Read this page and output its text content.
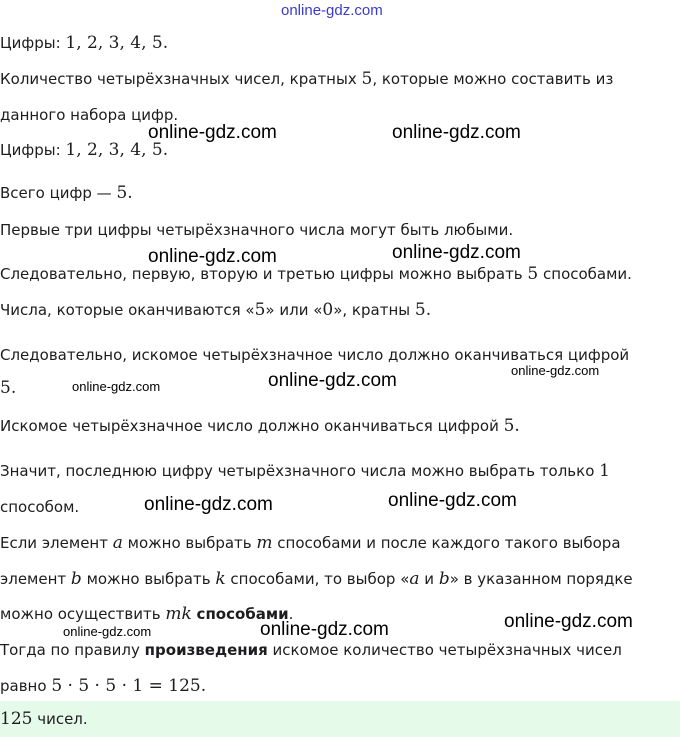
online-gdz.com
Цифры: 1, 2, 3, 4, 5.
Количество четырёхзначных чисел, кратных 5, которые можно составить из
данного набора цифр.
Цифры: 1, 2, 3, 4, 5.
Всего цифр — 5.
Первые три цифры четырёхзначного числа могут быть любыми.
Следовательно, первую, вторую и третью цифры можно выбрать 5 способами.
Числа, которые оканчиваются «5» или «0», кратны 5.
Следовательно, искомое четырёхзначное число должно оканчиваться цифрой
5.
Искомое четырёхзначное число должно оканчиваться цифрой 5.
Значит, последнюю цифру четырёхзначного числа можно выбрать только 1
способом.
Если элемент a можно выбрать m способами и после каждого такого выбора
элемент b можно выбрать k способами, то выбор «a и b» в указанном порядке
можно осуществить mk способами.
Тогда по правилу произведения искомое количество четырёхзначных чисел
равно 5 · 5 · 5 · 1 = 125.
125 чисел.
online-gdz.com	online-gdz.com
online-gdz.com	online-gdz.com
online-gdz.com	online-gdz.com	online-gdz.com
online-gdz.com	online-gdz.com
online-gdz.com	online-gdz.com	online-gdz.com
